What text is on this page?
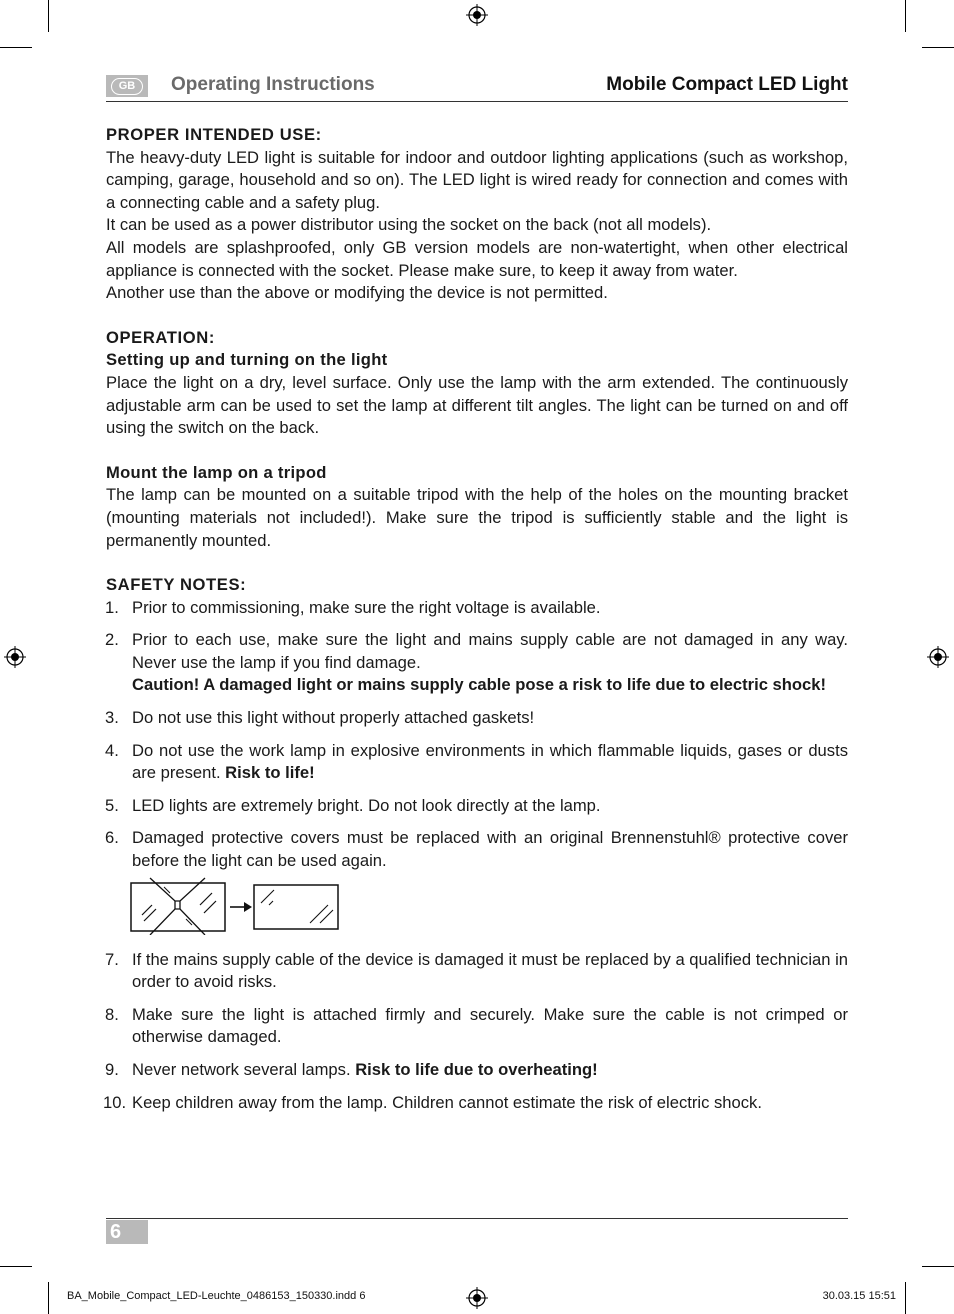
GB	Operating Instructions	Mobile Compact LED Light

PROPER INTENDED USE:

The heavy-duty LED light is suitable for indoor and outdoor lighting applications (such as workshop, camping, garage, household and so on). The LED light is wired ready for connection and comes with a connecting cable and a safety plug.

It can be used as a power distributor using the socket on the back (not all models).

All models are splashproofed, only GB version models are non-watertight, when other electrical appliance is connected with the socket. Please make sure, to keep it away from water.

Another use than the above or modifying the device is not permitted.

OPERATION:

Setting up and turning on the light

Place the light on a dry, level surface. Only use the lamp with the arm extended. The continuously adjustable arm can be used to set the lamp at different tilt angles. The light can be turned on and off using the switch on the back.

Mount the lamp on a tripod

The lamp can be mounted on a suitable tripod with the help of the holes on the mounting bracket (mounting materials not included!). Make sure the tripod is sufficiently stable and the light is permanently mounted.

SAFETY NOTES:

1. Prior to commissioning, make sure the right voltage is available.
2. Prior to each use, make sure the light and mains supply cable are not damaged in any way. Never use the lamp if you find damage.
Caution! A damaged light or mains supply cable pose a risk to life due to electric shock!
3. Do not use this light without properly attached gaskets!
4. Do not use the work lamp in explosive environments in which flammable liquids, gases or dusts are present. Risk to life!
5. LED lights are extremely bright. Do not look directly at the lamp.
6. Damaged protective covers must be replaced with an original Brennenstuhl® protective cover before the light can be used again.
7. If the mains supply cable of the device is damaged it must be replaced by a qualified technician in order to avoid risks.
8. Make sure the light is attached firmly and securely. Make sure the cable is not crimped or otherwise damaged.
9. Never network several lamps. Risk to life due to overheating!
10. Keep children away from the lamp. Children cannot estimate the risk of electric shock.
6
BA_Mobile_Compact_LED-Leuchte_0486153_150330.indd 6	30.03.15 15:51
